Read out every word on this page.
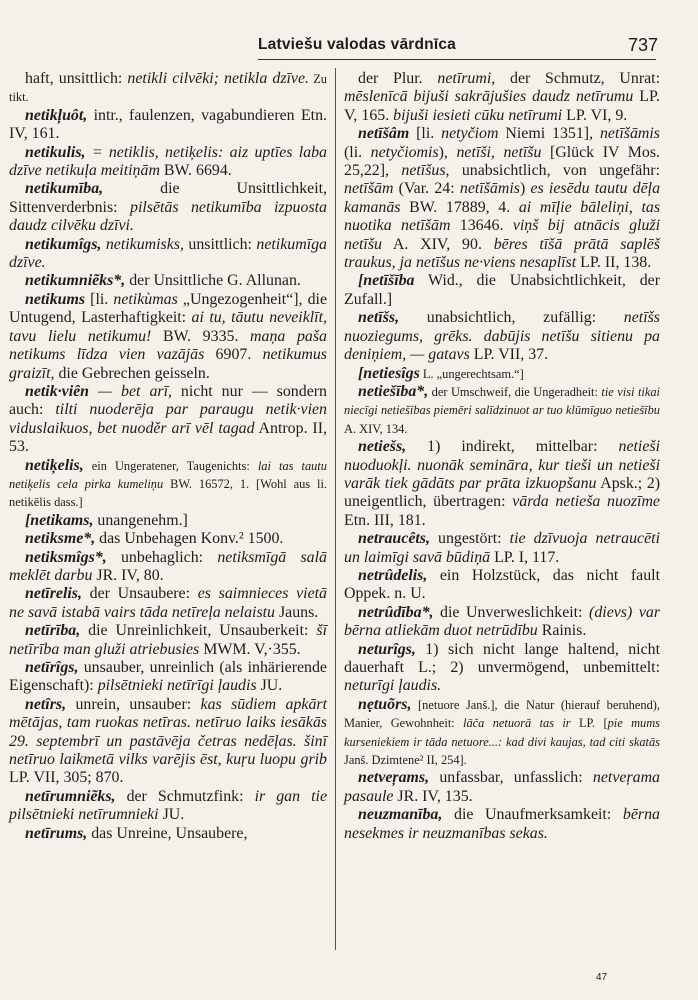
Latviešu valodas vārdnīca	737

haft, unsittlich: netikli cilvēki; netikla dzīve. Zu tikt.

netikļuôt, intr., faulenzen, vagabundieren Etn. IV, 161.

netikulis, = netiklis, netiķelis: aiz uptīes laba dzīve netikuļa meitiņām BW. 6694.

netikumība, die Unsittlichkeit, Sittenverderbnis: pilsētās netikumība izpuosta daudz cilvēku dzīvi.

netikumîgs, netikumisks, unsittlich: netikumīga dzīve.

netikumniẽks*, der Unsittliche G. Allunan.

netikums [li. netikùmas „Ungezogenheit“], die Untugend, Lasterhaftigkeit: ai tu, tāutu neveiklīt, tavu lielu netikumu! BW. 9335. maņa paša netikums līdza vien vazājās 6907. netikumus graizīt, die Gebrechen geisseln.

netik·viên — bet arī, nicht nur — sondern auch: tilti nuoderēja par paraugu netik·vien viduslaikuos, bet nuoděr arī vēl tagad Antrop. II, 53.

netiķelis, ein Ungeratener, Taugenichts: lai tas tautu netiķelis cela pirka kumeliņu BW. 16572, 1. [Wohl aus li. netikēlis dass.]

[netikams, unangenehm.]

netiksme*, das Unbehagen Konv.² 1500.

netiksmîgs*, unbehaglich: netiksmīgā salā meklēt darbu JR. IV, 80.

netīrelis, der Unsaubere: es saimnieces vietā ne savā istabā vairs tāda netīreļa nelaistu Jauns.

netīrība, die Unreinlichkeit, Unsauberkeit: šī netīrība man gluži atriebusies MWM. V,·355.

netīrîgs, unsauber, unreinlich (als inhärierende Eigenschaft): pilsētnieki netīrīgi ļaudis JU.

netîrs, unrein, unsauber: kas sūdiem apkārt mētājas, tam ruokas netīras. netīruo laiks iesākās 29. septembrī un pastāvēja četras nedēļas. šinī netīruo laikmetā vilks varējis ēst, kuŗu luopu grib LP. VII, 305; 870.

netīrumniẽks, der Schmutzfink: ir gan tie pilsētnieki netīrumnieki JU.

netīrums, das Unreine, Unsaubere,

der Plur. netīrumi, der Schmutz, Unrat: mēslenīcā bijuši sakrājušies daudz netīrumu LP. V, 165. bijuši iesieti cūku netīrumi LP. VI, 9.

netīšâm [li. netyčiom Niemi 1351], netīšāmis (li. netyčiomis), netīši, netīšu [Glück IV Mos. 25,22], netīšus, unabsichtlich, von ungefähr: netīšām (Var. 24: netīšāmis) es iesēdu tautu dēļa kamanās BW. 17889, 4. ai mīļie bāleliņi, tas nuotika netīšām 13646. viņš bij atnācis gluži netīšu A. XIV, 90. bēres tīšā prātā saplēš traukus, ja netīšus ne·viens nesaplīst LP. II, 138.

[netīšība Wid., die Unabsichtlichkeit, der Zufall.]

netīšs, unabsichtlich, zufällig: netīšs nuoziegums, grēks. dabūjis netīšu sitienu pa deniņiem, — gatavs LP. VII, 37.

[netiesîgs L. „ungerechtsam.“]

netiešība*, der Umschweif, die Ungeradheit: tie visi tikai niecīgi netiešības piemēri salīdzinuot ar tuo klūmīguo netiešību A. XIV, 134.

netiešs, 1) indirekt, mittelbar: netieši nuoduokļi. nuonāk semināra, kur tieši un netieši varāk tiek gādāts par prāta izkuopšanu Apsk.; 2) uneigentlich, übertragen: vārda netieša nuozīme Etn. III, 181.

netraucêts, ungestört: tie dzīvuoja netraucēti un laimīgi savā būdiņā LP. I, 117.

netrûdelis, ein Holzstück, das nicht fault Oppek. n. U.

netrûdība*, die Unverweslichkeit: (dievs) var bērna atliekām duot netrūdību Rainis.

neturîgs, 1) sich nicht lange haltend, nicht dauerhaft L.; 2) unvermögend, unbemittelt: neturīgi ļaudis.

nẹtuõrs, [netuore Janš.], die Natur (hierauf beruhend), Manier, Gewohnheit: lāča netuorā tas ir LP. [pie mums kurseniekiem ir tāda netuore...: kad divi kaujas, tad citi skatās Janš. Dzimtene² II, 254].

netveŗams, unfassbar, unfasslich: netveŗama pasaule JR. IV, 135.

neuzmanība, die Unaufmerksamkeit: bērna nesekmes ir neuzmanības sekas.

47
